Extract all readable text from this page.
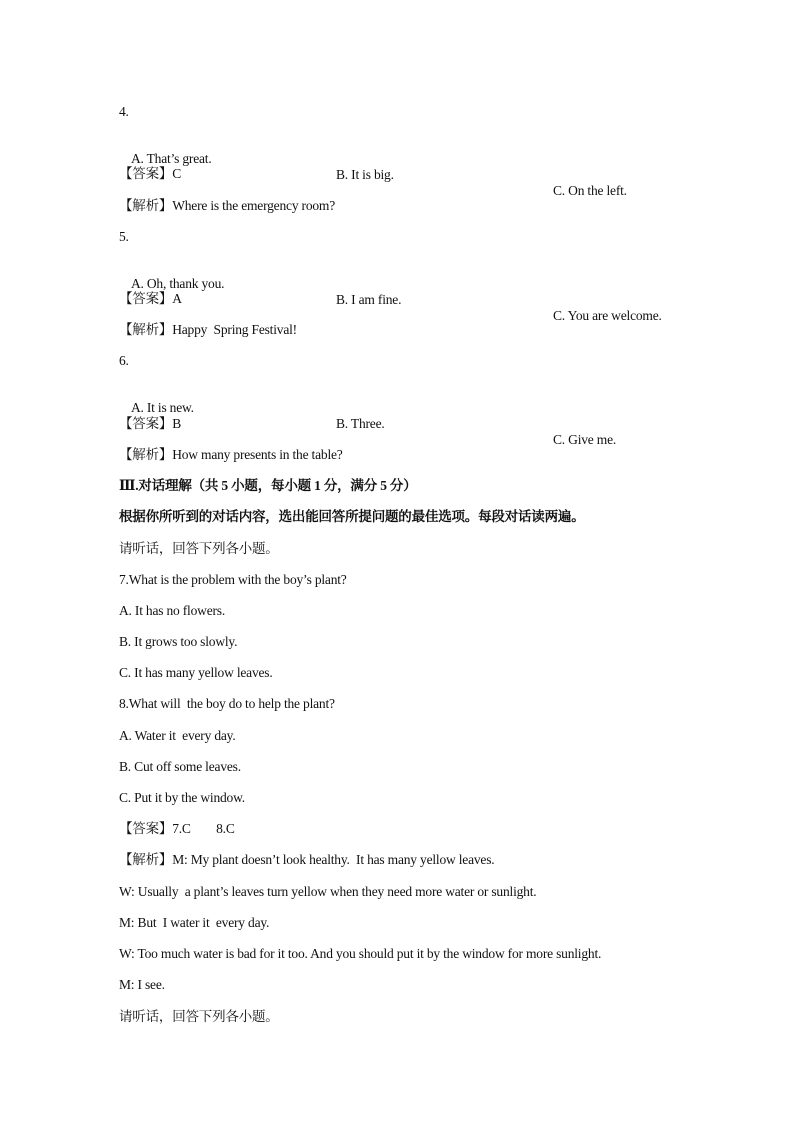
4.

A. That’s great.

B. It is big.

C. On the left.

【答案】C
【解析】Where is the emergency room?
5.

A. Oh, thank you.

B. I am fine.

C. You are welcome.

【答案】A
【解析】Happy  Spring Festival!
6.

A. It is new.

B. Three.

C. Give me.

【答案】B
【解析】How many presents in the table?
Ⅲ.对话理解（共 5 小题，每小题 1 分，满分 5 分）
根据你所听到的对话内容，选出能回答所提问题的最佳选项。每段对话读两遍。
请听话，回答下列各小题。
7.What is the problem with the boy’s plant?
A. It has no flowers.
B. It grows too slowly.
C. It has many yellow leaves.
8.What will  the boy do to help the plant?
A. Water it  every day.
B. Cut off some leaves.
C. Put it by the window.
【答案】7.C        8.C
【解析】M: My plant doesn’t look healthy.  It has many yellow leaves.
W: Usually  a plant’s leaves turn yellow when they need more water or sunlight.
M: But  I water it  every day.
W: Too much water is bad for it too. And you should put it by the window for more sunlight.
M: I see.
请听话，回答下列各小题。
